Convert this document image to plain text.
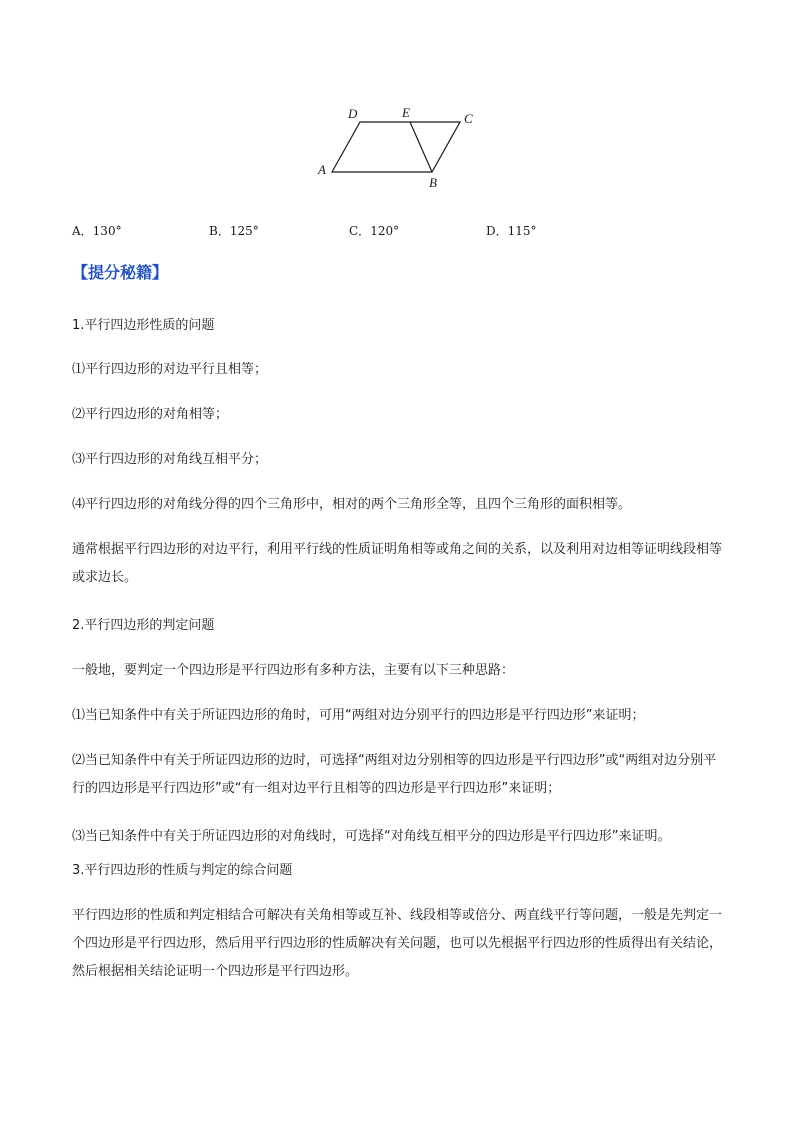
A
B
C
D	E
A．130°	B．125°	C．120°	D．115°
【提分秘籍】
1.平行四边形性质的问题
⑴平行四边形的对边平行且相等；
⑵平行四边形的对角相等；
⑶平行四边形的对角线互相平分；
⑷平行四边形的对角线分得的四个三角形中，相对的两个三角形全等，且四个三角形的面积相等。
通常根据平行四边形的对边平行，利用平行线的性质证明角相等或角之间的关系，以及利用对边相等证明线段相等或求边长。
2.平行四边形的判定问题
一般地，要判定一个四边形是平行四边形有多种方法，主要有以下三种思路：
⑴当已知条件中有关于所证四边形的角时，可用“两组对边分别平行的四边形是平行四边形”来证明；
⑵当已知条件中有关于所证四边形的边时，可选择“两组对边分别相等的四边形是平行四边形”或“两组对边分别平行的四边形是平行四边形”或“有一组对边平行且相等的四边形是平行四边形”来证明；
⑶当已知条件中有关于所证四边形的对角线时，可选择“对角线互相平分的四边形是平行四边形”来证明。
3.平行四边形的性质与判定的综合问题
平行四边形的性质和判定相结合可解决有关角相等或互补、线段相等或倍分、两直线平行等问题，一般是先判定一个四边形是平行四边形，然后用平行四边形的性质解决有关问题，也可以先根据平行四边形的性质得出有关结论，然后根据相关结论证明一个四边形是平行四边形。
